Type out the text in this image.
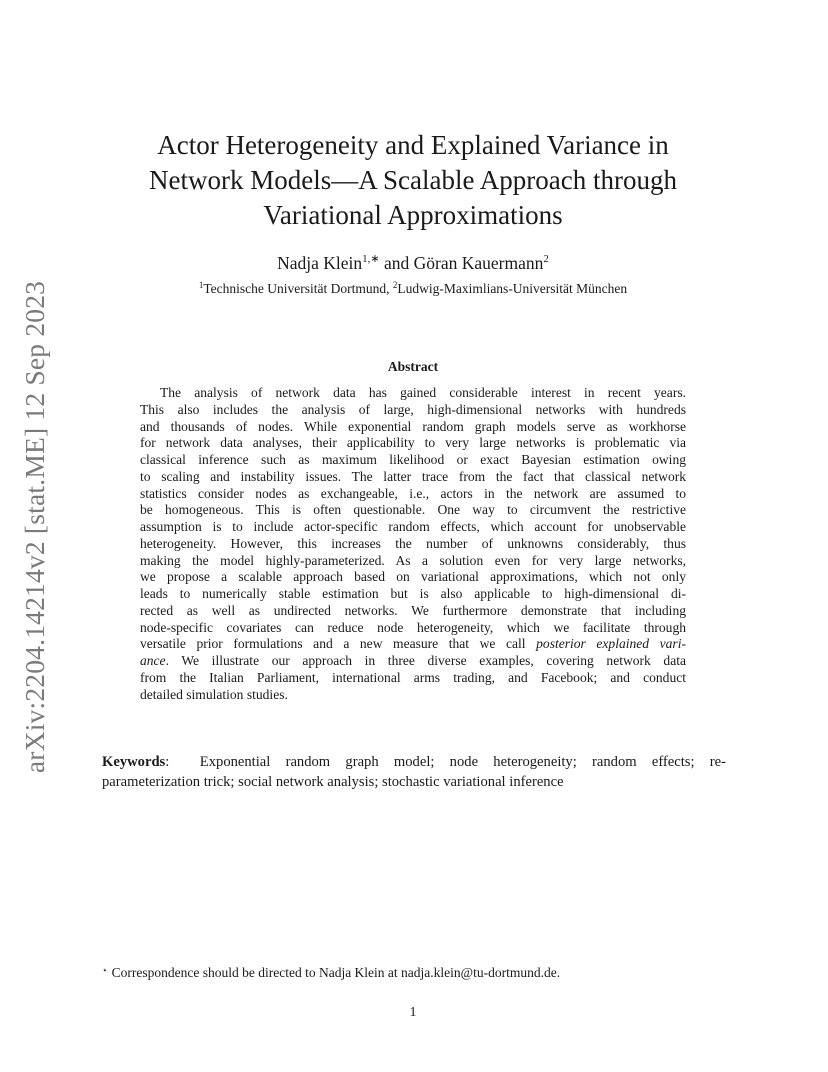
arXiv:2204.14214v2 [stat.ME] 12 Sep 2023
Actor Heterogeneity and Explained Variance in
Network Models—A Scalable Approach through
Variational Approximations
Nadja Klein$^{1,∗}$ and Göran Kauermann$^2$
$^1$Technische Universität Dortmund, $^2$Ludwig-Maximlians-Universität München
Abstract
The analysis of network data has gained considerable interest in recent years.
This also includes the analysis of large, high-dimensional networks with hundreds
and thousands of nodes. While exponential random graph models serve as workhorse
for network data analyses, their applicability to very large networks is problematic via
classical inference such as maximum likelihood or exact Bayesian estimation owing
to scaling and instability issues. The latter trace from the fact that classical network
statistics consider nodes as exchangeable, i.e., actors in the network are assumed to
be homogeneous. This is often questionable. One way to circumvent the restrictive
assumption is to include actor-specific random effects, which account for unobservable
heterogeneity. However, this increases the number of unknowns considerably, thus
making the model highly-parameterized. As a solution even for very large networks,
we propose a scalable approach based on variational approximations, which not only
leads to numerically stable estimation but is also applicable to high-dimensional di-
rected as well as undirected networks. We furthermore demonstrate that including
node-specific covariates can reduce node heterogeneity, which we facilitate through
versatile prior formulations and a new measure that we call posterior explained vari-
ance. We illustrate our approach in three diverse examples, covering network data
from the Italian Parliament, international arms trading, and Facebook; and conduct
detailed simulation studies.
Keywords:  Exponential random graph model; node heterogeneity; random effects; re-
parameterization trick; social network analysis; stochastic variational inference
⋆ Correspondence should be directed to Nadja Klein at nadja.klein@tu-dortmund.de.
1
